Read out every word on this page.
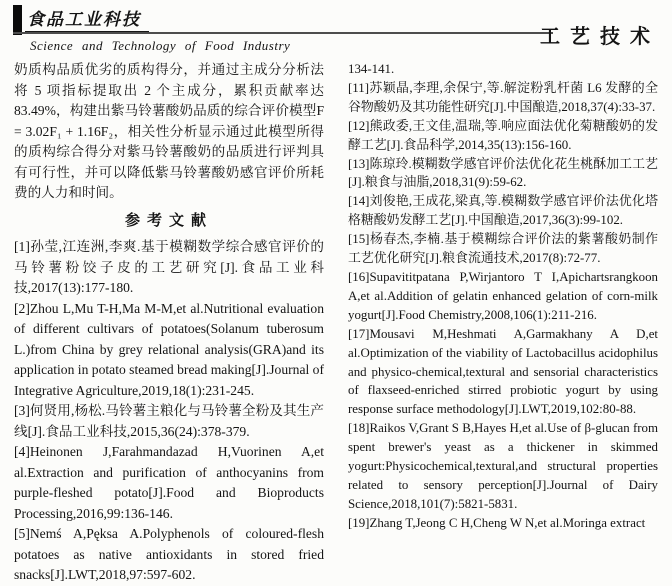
食品工业科技
工艺技术
Science and Technology of Food Industry

奶质构品质优劣的质构得分，并通过主成分分析法将 5 项指标提取出 2 个主成分，累积贡献率达83.49%，构建出紫马铃薯酸奶品质的综合评价模型F = 3.02F₁ + 1.16F₂，相关性分析显示通过此模型所得的质构综合得分对紫马铃薯酸奶的品质进行评判具有可行性，并可以降低紫马铃薯酸奶感官评价所耗费的人力和时间。

参考文献

[1]孙莹,江连洲,李爽.基于模糊数学综合感官评价的马铃薯粉饺子皮的工艺研究[J].食品工业科技,2017(13):177-180.

[2]Zhou L,Mu T-H,Ma M-M,et al.Nutritional evaluation of different cultivars of potatoes(Solanum tuberosum L.)from China by grey relational analysis(GRA)and its application in potato steamed bread making[J].Journal of Integrative Agriculture,2019,18(1):231-245.

[3]何贤用,杨松.马铃薯主粮化与马铃薯全粉及其生产线[J].食品工业科技,2015,36(24):378-379.

[4]Heinonen J,Farahmandazad H,Vuorinen A,et al.Extraction and purification of anthocyanins from purple-fleshed potato[J].Food and Bioproducts Processing,2016,99:136-146.

[5]Nemś A,Pęksa A.Polyphenols of coloured-flesh potatoes as native antioxidants in stored fried snacks[J].LWT,2018,97:597-602.

134-141.

[11]苏颖晶,李理,余保宁,等.解淀粉乳杆菌 L6 发酵的全谷物酸奶及其功能性研究[J].中国酿造,2018,37(4):33-37.

[12]熊政委,王文佳,温瑞,等.响应面法优化菊糖酸奶的发酵工艺[J].食品科学,2014,35(13):156-160.

[13]陈琼玲.模糊数学感官评价法优化花生桃酥加工工艺[J].粮食与油脂,2018,31(9):59-62.

[14]刘俊艳,王成花,梁真,等.模糊数学感官评价法优化塔格糖酸奶发酵工艺[J].中国酿造,2017,36(3):99-102.

[15]杨春杰,李楠.基于模糊综合评价法的紫薯酸奶制作工艺优化研究[J].粮食流通技术,2017(8):72-77.

[16]Supavititpatana P,Wirjantoro T I,Apichartsrangkoon A,et al.Addition of gelatin enhanced gelation of corn-milk yogurt[J].Food Chemistry,2008,106(1):211-216.

[17]Mousavi M,Heshmati A,Garmakhany A D,et al.Optimization of the viability of Lactobacillus acidophilus and physico-chemical,textural and sensorial characteristics of flaxseed-enriched stirred probiotic yogurt by using response surface methodology[J].LWT,2019,102:80-88.

[18]Raikos V,Grant S B,Hayes H,et al.Use of β-glucan from spent brewer's yeast as a thickener in skimmed yogurt:Physicochemical,textural,and structural properties related to sensory perception[J].Journal of Dairy Science,2018,101(7):5821-5831.

[19]Zhang T,Jeong C H,Cheng W N,et al.Moringa extract
